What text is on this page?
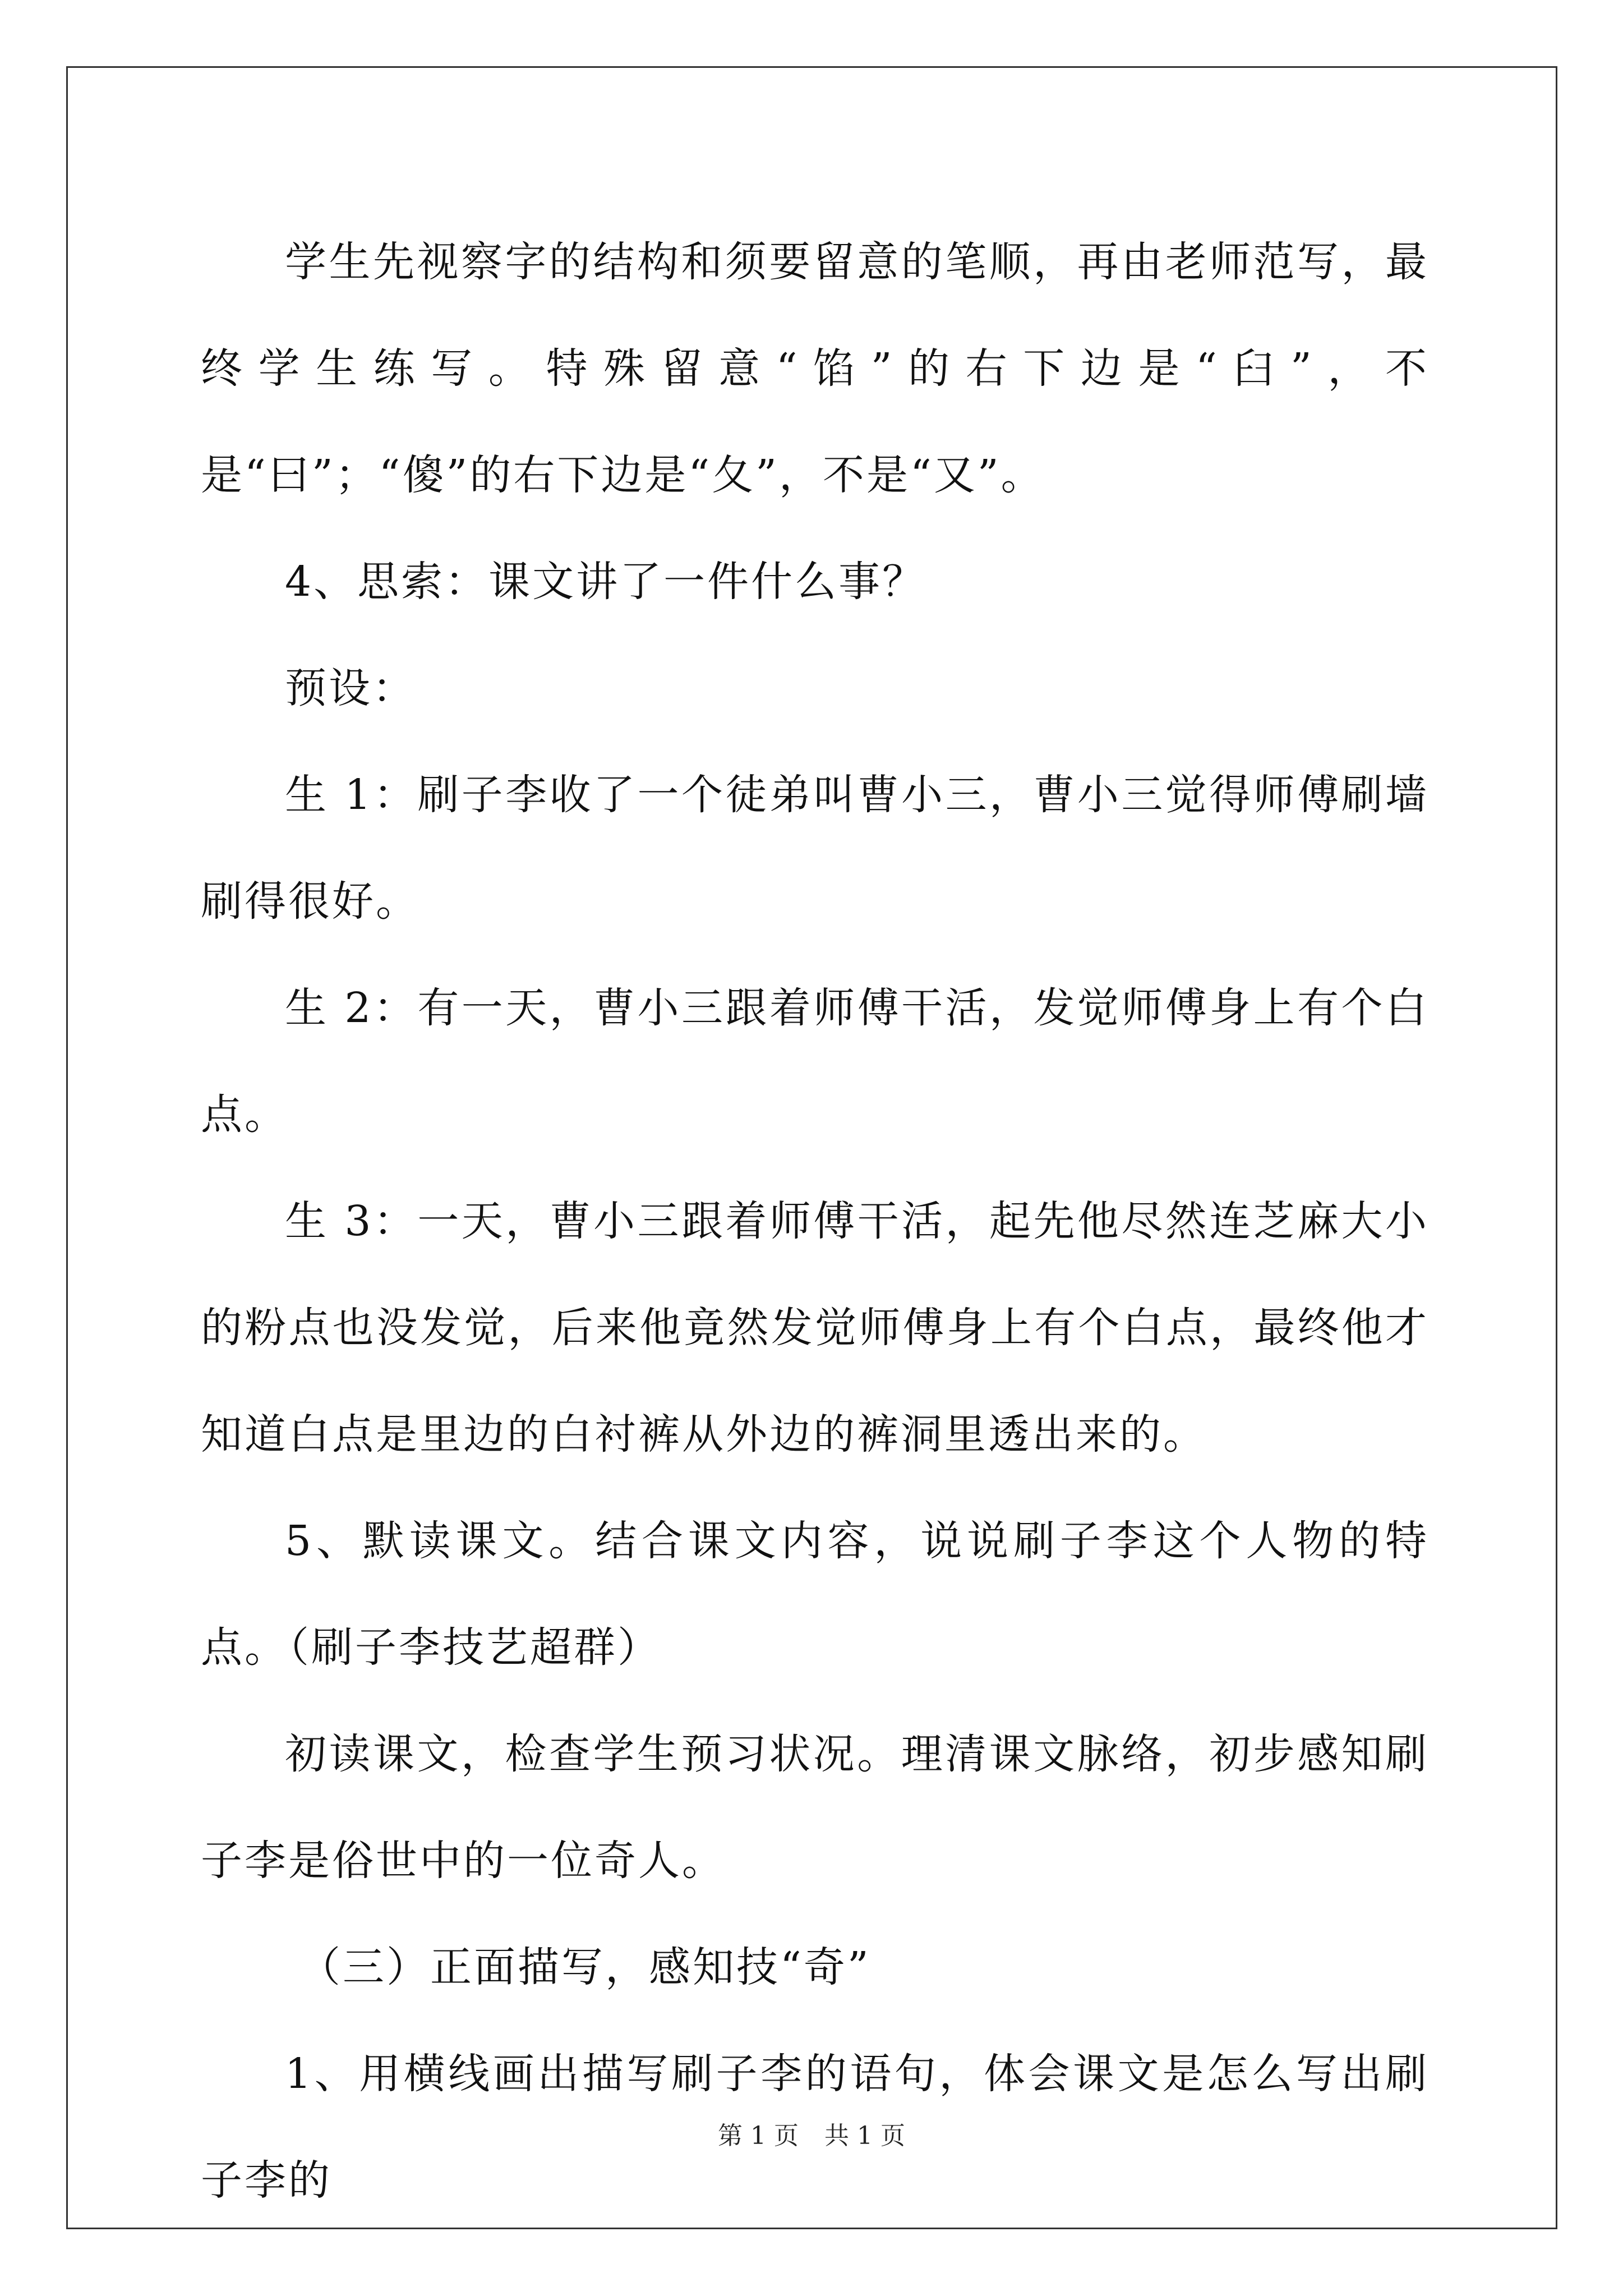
学生先视察字的结构和须要留意的笔顺，再由老师范写，最终学生练写。特殊留意“馅”的右下边是“臼”，不是“曰”；“傻”的右下边是“夂”，不是“又”。

4、思索：课文讲了一件什么事？

预设：

生 1：刷子李收了一个徒弟叫曹小三，曹小三觉得师傅刷墙刷得很好。

生 2：有一天，曹小三跟着师傅干活，发觉师傅身上有个白点。

生 3：一天，曹小三跟着师傅干活，起先他尽然连芝麻大小的粉点也没发觉，后来他竟然发觉师傅身上有个白点，最终他才知道白点是里边的白衬裤从外边的裤洞里透出来的。

5、默读课文。结合课文内容，说说刷子李这个人物的特点。（刷子李技艺超群）

初读课文，检查学生预习状况。理清课文脉络，初步感知刷子李是俗世中的一位奇人。

（三）正面描写，感知技“奇”

1、用横线画出描写刷子李的语句，体会课文是怎么写出刷子李的

第 1 页 共 1 页
